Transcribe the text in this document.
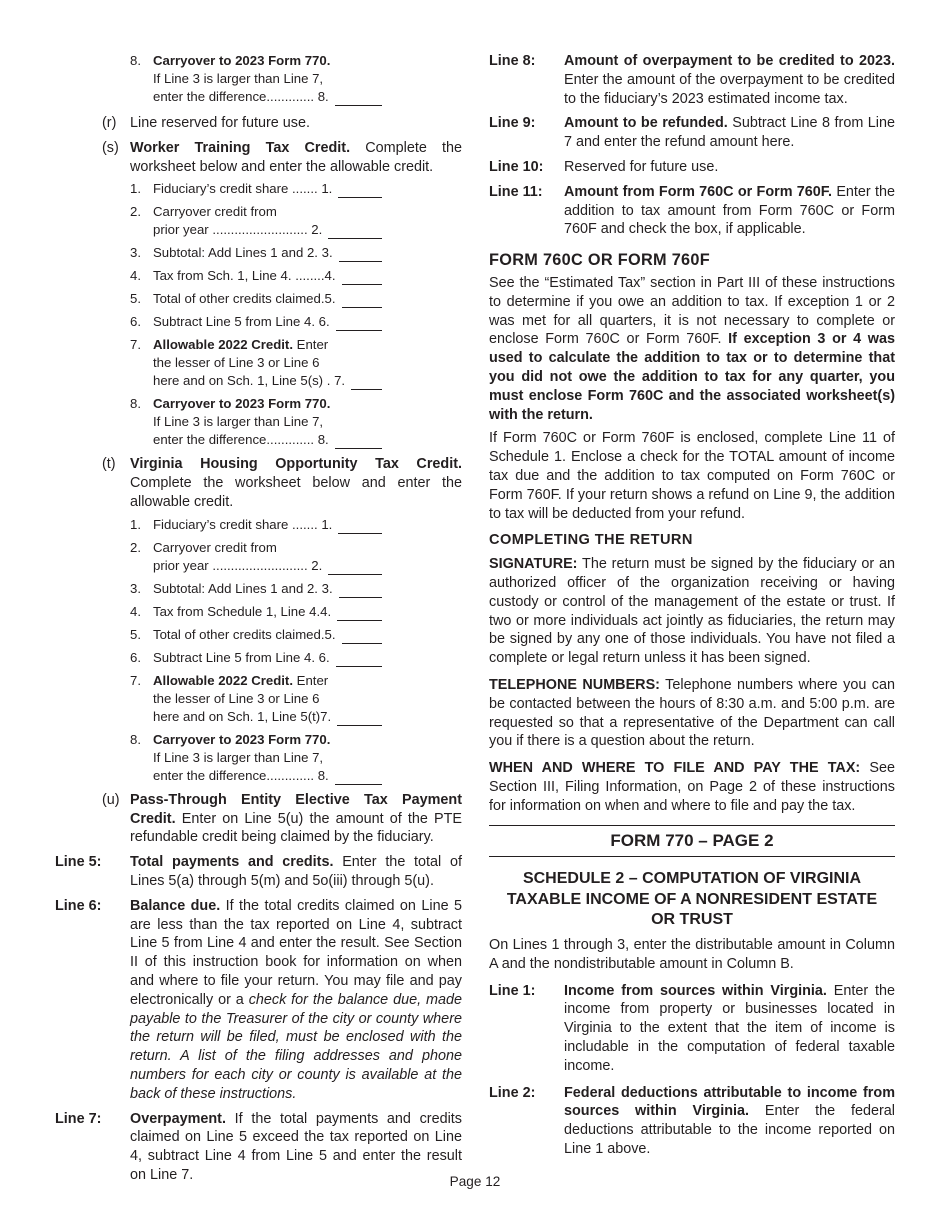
8. Carryover to 2023 Form 770.
If Line 3 is larger than Line 7,
enter the difference............. 8.
(r) Line reserved for future use.
(s) Worker Training Tax Credit. Complete the worksheet below and enter the allowable credit.
1. Fiduciary’s credit share ....... 1.
2. Carryover credit from
prior year .......................... 2.
3. Subtotal: Add Lines 1 and 2. 3.
4. Tax from Sch. 1, Line 4. ........4.
5. Total of other credits claimed.5.
6. Subtract Line 5 from Line 4. 6.
7. Allowable 2022 Credit. Enter
the lesser of Line 3 or Line 6
here and on Sch. 1, Line 5(s) . 7.
8. Carryover to 2023 Form 770.
If Line 3 is larger than Line 7,
enter the difference............. 8.
(t) Virginia Housing Opportunity Tax Credit. Complete the worksheet below and enter the allowable credit.
1. Fiduciary’s credit share ....... 1.
2. Carryover credit from
prior year .......................... 2.
3. Subtotal: Add Lines 1 and 2. 3.
4. Tax from Schedule 1, Line 4.4.
5. Total of other credits claimed.5.
6. Subtract Line 5 from Line 4. 6.
7. Allowable 2022 Credit. Enter
the lesser of Line 3 or Line 6
here and on Sch. 1, Line 5(t)7.
8. Carryover to 2023 Form 770.
If Line 3 is larger than Line 7,
enter the difference............. 8.
(u) Pass-Through Entity Elective Tax Payment Credit. Enter on Line 5(u) the amount of the PTE refundable credit being claimed by the fiduciary.
Line 5: Total payments and credits. Enter the total of Lines 5(a) through 5(m) and 5o(iii) through 5(u).
Line 6: Balance due. If the total credits claimed on Line 5 are less than the tax reported on Line 4, subtract Line 5 from Line 4 and enter the result. See Section II of this instruction book for information on when and where to file your return. You may file and pay electronically or a check for the balance due, made payable to the Treasurer of the city or county where the return will be filed, must be enclosed with the return. A list of the filing addresses and phone numbers for each city or county is available at the back of these instructions.
Line 7: Overpayment. If the total payments and credits claimed on Line 5 exceed the tax reported on Line 4, subtract Line 4 from Line 5 and enter the result on Line 7.
Line 8: Amount of overpayment to be credited to 2023. Enter the amount of the overpayment to be credited to the fiduciary’s 2023 estimated income tax.
Line 9: Amount to be refunded. Subtract Line 8 from Line 7 and enter the refund amount here.
Line 10: Reserved for future use.
Line 11: Amount from Form 760C or Form 760F. Enter the addition to tax amount from Form 760C or Form 760F and check the box, if applicable.
FORM 760C OR FORM 760F

See the “Estimated Tax” section in Part III of these instructions to determine if you owe an addition to tax. If exception 1 or 2 was met for all quarters, it is not necessary to complete or enclose Form 760C or Form 760F. If exception 3 or 4 was used to calculate the addition to tax or to determine that you did not owe the addition to tax for any quarter, you must enclose Form 760C and the associated worksheet(s) with the return.

If Form 760C or Form 760F is enclosed, complete Line 11 of Schedule 1. Enclose a check for the TOTAL amount of income tax due and the addition to tax computed on Form 760C or Form 760F. If your return shows a refund on Line 9, the addition to tax will be deducted from your refund.

COMPLETING THE RETURN

SIGNATURE: The return must be signed by the fiduciary or an authorized officer of the organization receiving or having custody or control of the management of the estate or trust. If two or more individuals act jointly as fiduciaries, the return may be signed by any one of those individuals. You have not filed a complete or legal return unless it has been signed.

TELEPHONE NUMBERS: Telephone numbers where you can be contacted between the hours of 8:30 a.m. and 5:00 p.m. are requested so that a representative of the Department can call you if there is a question about the return.

WHEN AND WHERE TO FILE AND PAY THE TAX: See Section III, Filing Information, on Page 2 of these instructions for information on when and where to file and pay the tax.

FORM 770 – PAGE 2
SCHEDULE 2 – COMPUTATION OF VIRGINIA TAXABLE INCOME OF A NONRESIDENT ESTATE OR TRUST

On Lines 1 through 3, enter the distributable amount in Column A and the nondistributable amount in Column B.

Line 1: Income from sources within Virginia. Enter the income from property or businesses located in Virginia to the extent that the item of income is includable in the computation of federal taxable income.
Line 2: Federal deductions attributable to income from sources within Virginia. Enter the federal deductions attributable to the income reported on Line 1 above.
Page 12
